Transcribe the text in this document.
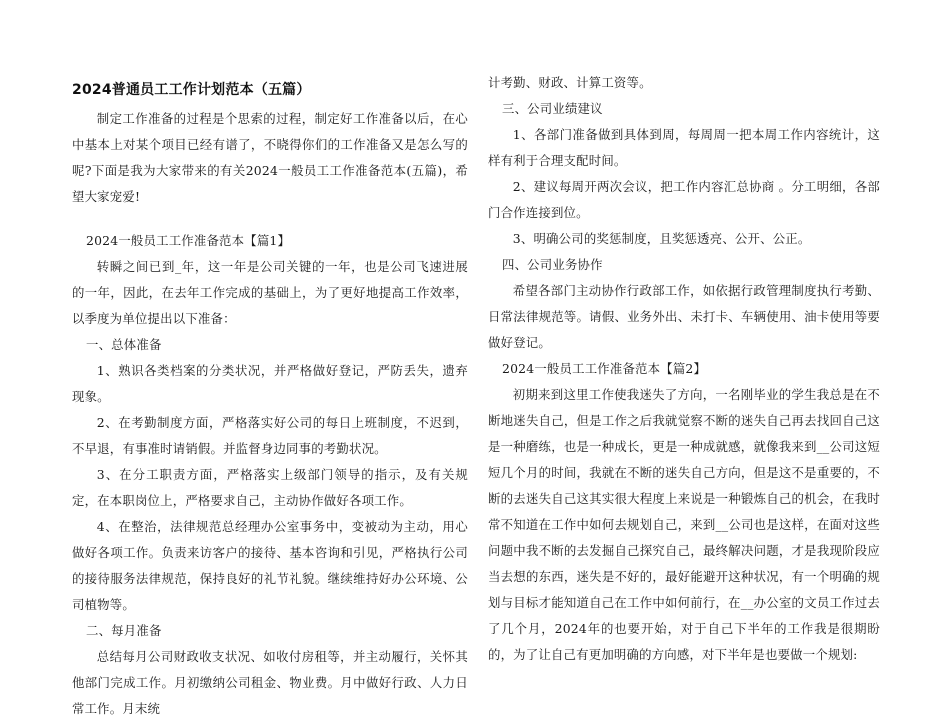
2024普通员工工作计划范本（五篇）

制定工作准备的过程是个思索的过程，制定好工作准备以后，在心中基本上对某个项目已经有谱了，不晓得你们的工作准备又是怎么写的呢?下面是我为大家带来的有关2024一般员工工作准备范本(五篇)，希望大家宠爱!

2024一般员工工作准备范本【篇1】

转瞬之间已到_年，这一年是公司关键的一年，也是公司飞速进展的一年，因此，在去年工作完成的基础上，为了更好地提高工作效率，以季度为单位提出以下准备：

一、总体准备

1、熟识各类档案的分类状况，并严格做好登记，严防丢失，遗弃现象。

2、在考勤制度方面，严格落实好公司的每日上班制度，不迟到，不早退，有事准时请销假。并监督身边同事的考勤状况。

3、在分工职责方面，严格落实上级部门领导的指示，及有关规定，在本职岗位上，严格要求自己，主动协作做好各项工作。

4、在整治，法律规范总经理办公室事务中，变被动为主动，用心做好各项工作。负责来访客户的接待、基本咨询和引见，严格执行公司的接待服务法律规范，保持良好的礼节礼貌。继续维持好办公环境、公司植物等。

二、每月准备

总结每月公司财政收支状况、如收付房租等，并主动履行，关怀其他部门完成工作。月初缴纳公司租金、物业费。月中做好行政、人力日常工作。月末统

计考勤、财政、计算工资等。

三、公司业绩建议

1、各部门准备做到具体到周，每周周一把本周工作内容统计，这样有利于合理支配时间。

2、建议每周开两次会议，把工作内容汇总协商 。分工明细，各部门合作连接到位。

3、明确公司的奖惩制度，且奖惩透亮、公开、公正。

四、公司业务协作

希望各部门主动协作行政部工作，如依据行政管理制度执行考勤、日常法律规范等。请假、业务外出、未打卡、车辆使用、油卡使用等要做好登记。

2024一般员工工作准备范本【篇2】

初期来到这里工作使我迷失了方向，一名刚毕业的学生我总是在不断地迷失自己，但是工作之后我就觉察不断的迷失自己再去找回自己这是一种磨练，也是一种成长，更是一种成就感，就像我来到__公司这短短几个月的时间，我就在不断的迷失自己方向，但是这不是重要的，不断的去迷失自己这其实很大程度上来说是一种锻炼自己的机会，在我时常不知道在工作中如何去规划自己，来到__公司也是这样，在面对这些问题中我不断的去发掘自己探究自己，最终解决问题，才是我现阶段应当去想的东西，迷失是不好的，最好能避开这种状况，有一个明确的规划与目标才能知道自己在工作中如何前行，在__办公室的文员工作过去了几个月，2024年的也要开始，对于自己下半年的工作我是很期盼的，为了让自己有更加明确的方向感，对下半年是也要做一个规划:
